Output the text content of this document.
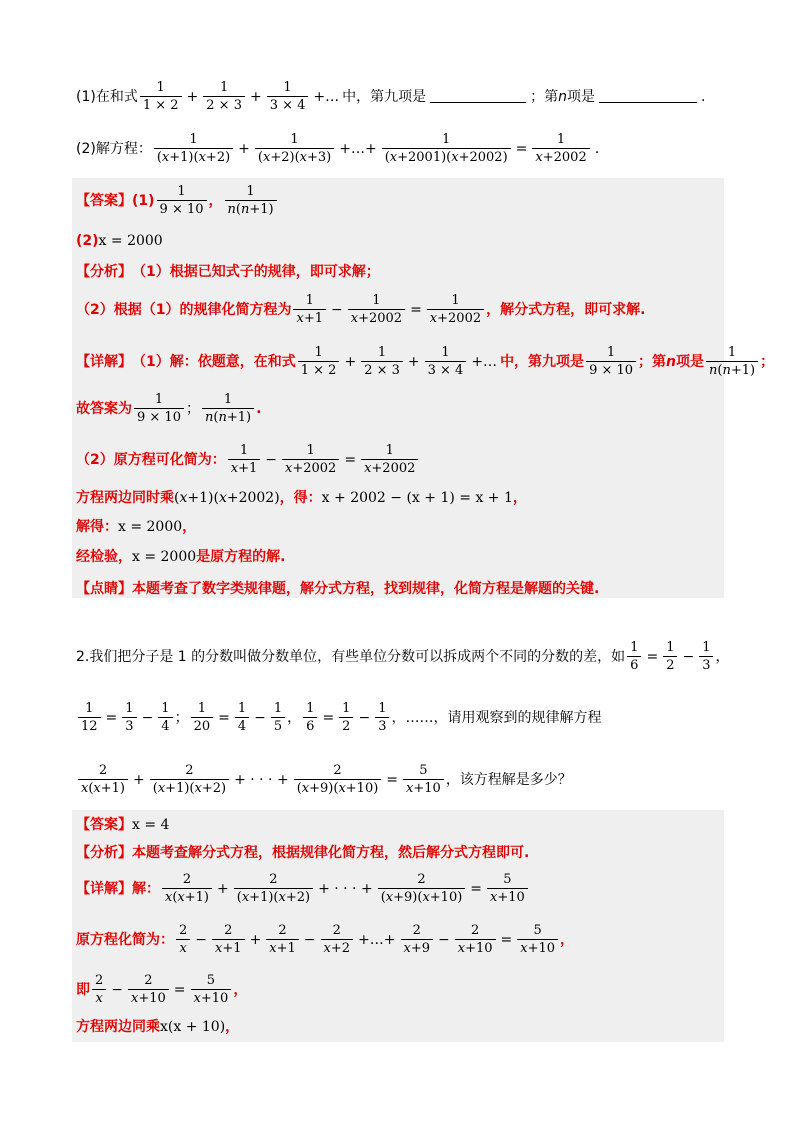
(1)在和式
1
1 × 2
+ $\frac{1}{2 \times 3} + \frac{1}{3 \times 4}$ +… 中，第九项是	；第 n 项是	.
(2)解方程：
1
(x+1)(x+2)
+ $\frac{1}{(x+2)(x+3)}$ +…+ $\frac{1}{(x+2001)(x+2002)} = \frac{1}{x+2002}$ .
【答案】 (1)
1
9 × 10
，
1
n(n+1)
(2) x = 2000
【分析】 （1）根据已知式子的规律，即可求解；
（2）根据（1）的规律化简方程为
1
x+1
− $\frac{1}{x+2002} = \frac{1}{x+2002}$ ，解分式方程，即可求解.
【详解】 （1）解：依题意，在和式
1
1 × 2
+ $\frac{1}{2 \times 3} + \frac{1}{3 \times 4}$ +… 中，第九项是
1
9 × 10
；第 n 项是
1
n(n+1)
；
故答案为
1
9 × 10
；
1
n(n+1)
.
（2）原方程可化简为：
1
x+1
− $\frac{1}{x+2002} = \frac{1}{x+2002}$
方程两边同时乘 (x+1)(x+2002) ，得： x + 2002 − (x + 1) = x + 1 ，
解得： x = 2000 ，
经检验， x = 2000 是原方程的解.
【点睛】 本题考查了数字类规律题，解分式方程，找到规律，化简方程是解题的关键.
2.我们把分子是 1 的分数叫做分数单位，有些单位分数可以拆成两个不同的分数的差，如 $\frac{1}{6} = \frac{1}{2} - \frac{1}{3}$ ，
$\frac{1}{12} = \frac{1}{3} - \frac{1}{4}$ ； $\frac{1}{20} = \frac{1}{4} - \frac{1}{5}$ ， $\frac{1}{6} = \frac{1}{2} - \frac{1}{3}$ ，……，请用观察到的规律解方程
2
x(x+1)
+ $\frac{2}{(x+1)(x+2)}$ + · · · + $\frac{2}{(x+9)(x+10)} = \frac{5}{x+10}$ ，该方程解是多少？
【答案】 x = 4
【分析】 本题考查解分式方程，根据规律化简方程，然后解分式方程即可.
【详解】 解：
2
x(x+1)
+ $\frac{2}{(x+1)(x+2)}$ + · · · + $\frac{2}{(x+9)(x+10)} = \frac{5}{x+10}$
原方程化简为：
2
x
− $\frac{2}{x+1} + \frac{2}{x+1} - \frac{2}{x+2}$ +…+ $\frac{2}{x+9} - \frac{2}{x+10} = \frac{5}{x+10}$ ，
即
2
x
− $\frac{2}{x+10} = \frac{5}{x+10}$ ，
方程两边同乘 x(x + 10) ，
